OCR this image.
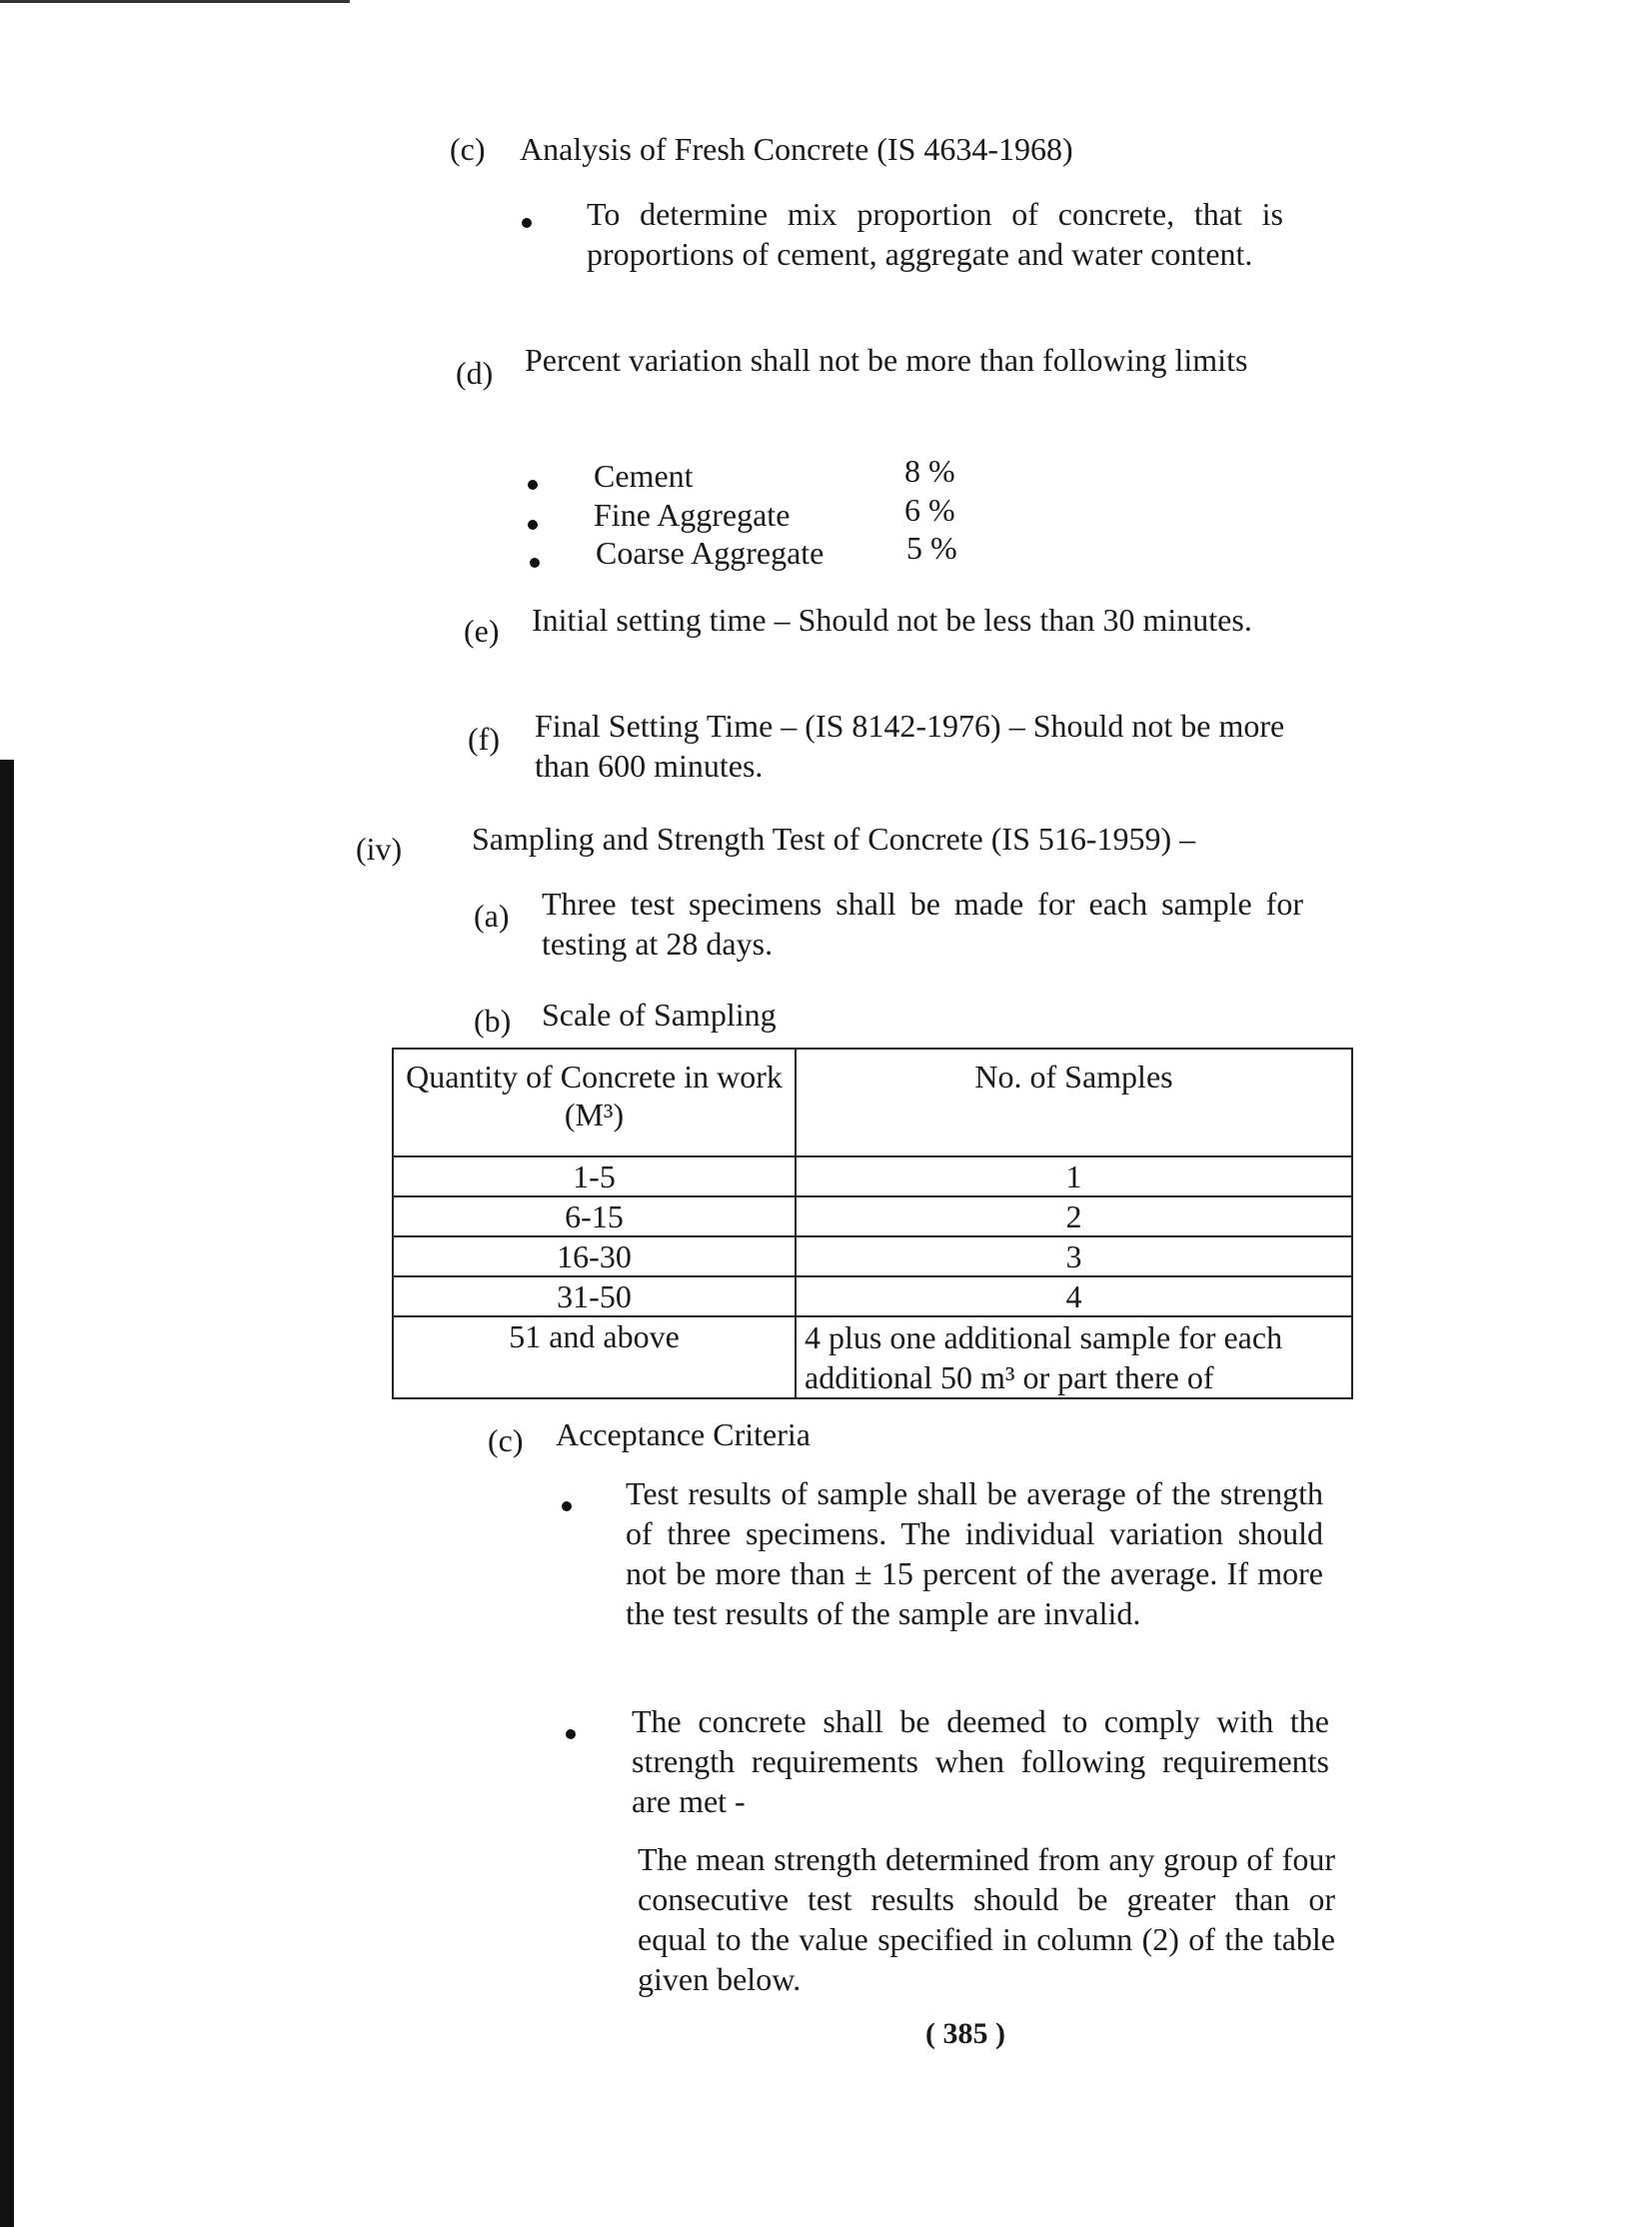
(c) Analysis of Fresh Concrete (IS 4634-1968)
To determine mix proportion of concrete, that is proportions of cement, aggregate and water content.
(d) Percent variation shall not be more than following limits
Cement	8 %
Fine Aggregate	6 %
Coarse Aggregate	5 %
(e) Initial setting time – Should not be less than 30 minutes.
(f) Final Setting Time – (IS 8142-1976) – Should not be more than 600 minutes.
(iv) Sampling and Strength Test of Concrete (IS 516-1959) –
(a) Three test specimens shall be made for each sample for testing at 28 days.
(b) Scale of Sampling
Quantity of Concrete in work (M³)	No. of Samples
1-5	1
6-15	2
16-30	3
31-50	4
51 and above	4 plus one additional sample for each additional 50 m³ or part there of
(c) Acceptance Criteria
Test results of sample shall be average of the strength of three specimens. The individual variation should not be more than ± 15 percent of the average. If more the test results of the sample are invalid.
The concrete shall be deemed to comply with the strength requirements when following requirements are met -
The mean strength determined from any group of four consecutive test results should be greater than or equal to the value specified in column (2) of the table given below.
( 385 )
